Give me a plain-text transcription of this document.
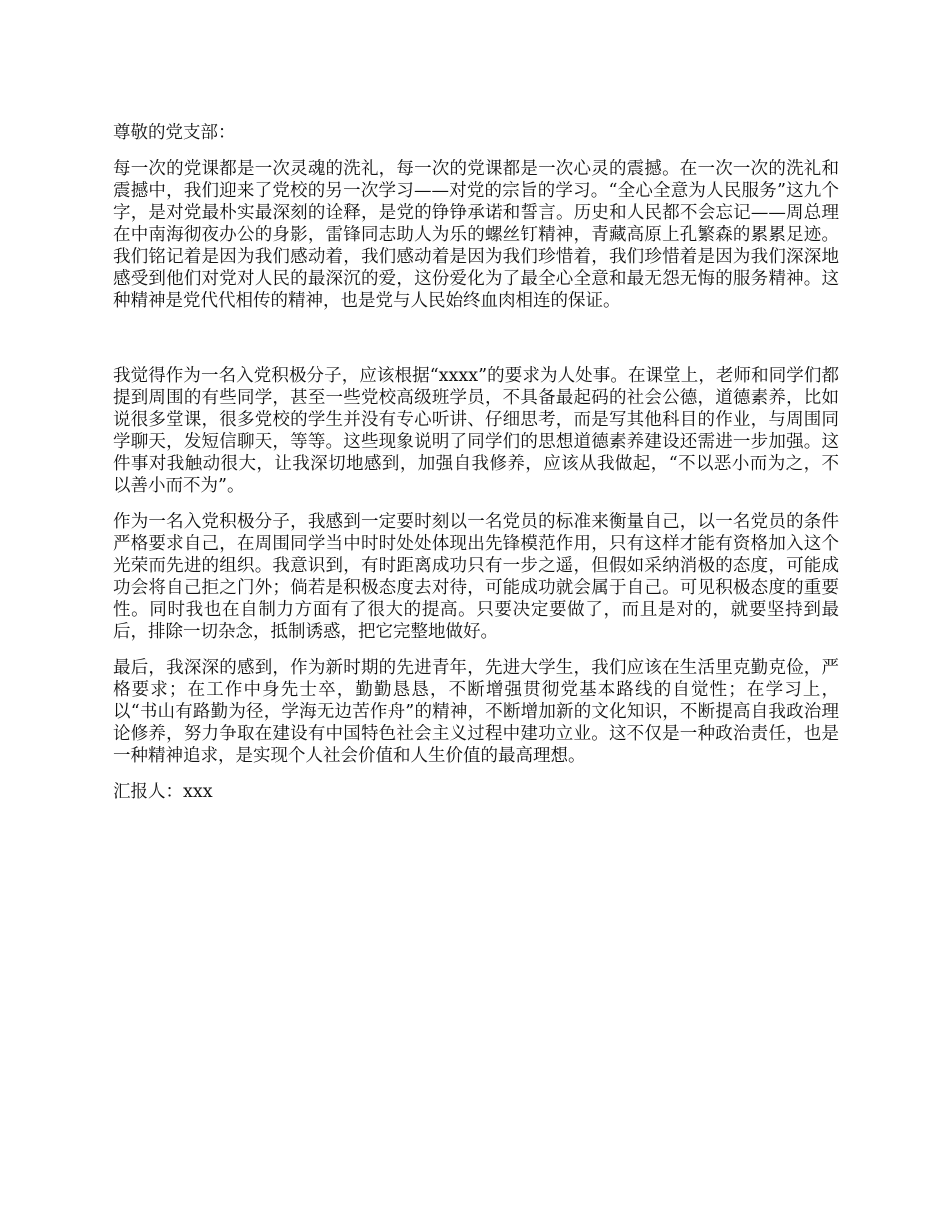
尊敬的党支部：

每一次的党课都是一次灵魂的洗礼，每一次的党课都是一次心灵的震撼。在一次一次的洗礼和震撼中，我们迎来了党校的另一次学习——对党的宗旨的学习。“全心全意为人民服务”这九个字，是对党最朴实最深刻的诠释，是党的铮铮承诺和誓言。历史和人民都不会忘记——周总理在中南海彻夜办公的身影，雷锋同志助人为乐的螺丝钉精神，青藏高原上孔繁森的累累足迹。我们铭记着是因为我们感动着，我们感动着是因为我们珍惜着，我们珍惜着是因为我们深深地感受到他们对党对人民的最深沉的爱，这份爱化为了最全心全意和最无怨无悔的服务精神。这种精神是党代代相传的精神，也是党与人民始终血肉相连的保证。

我觉得作为一名入党积极分子，应该根据“xxxx”的要求为人处事。在课堂上，老师和同学们都提到周围的有些同学，甚至一些党校高级班学员，不具备最起码的社会公德，道德素养，比如说很多堂课，很多党校的学生并没有专心听讲、仔细思考，而是写其他科目的作业，与周围同学聊天，发短信聊天，等等。这些现象说明了同学们的思想道德素养建设还需进一步加强。这件事对我触动很大，让我深切地感到，加强自我修养，应该从我做起，“不以恶小而为之，不以善小而不为”。

作为一名入党积极分子，我感到一定要时刻以一名党员的标准来衡量自己，以一名党员的条件严格要求自己，在周围同学当中时时处处体现出先锋模范作用，只有这样才能有资格加入这个光荣而先进的组织。我意识到，有时距离成功只有一步之遥，但假如采纳消极的态度，可能成功会将自己拒之门外；倘若是积极态度去对待，可能成功就会属于自己。可见积极态度的重要性。同时我也在自制力方面有了很大的提高。只要决定要做了，而且是对的，就要坚持到最后，排除一切杂念，抵制诱惑，把它完整地做好。

最后，我深深的感到，作为新时期的先进青年，先进大学生，我们应该在生活里克勤克俭，严格要求；在工作中身先士卒，勤勤恳恳，不断增强贯彻党基本路线的自觉性；在学习上，以“书山有路勤为径，学海无边苦作舟”的精神，不断增加新的文化知识，不断提高自我政治理论修养，努力争取在建设有中国特色社会主义过程中建功立业。这不仅是一种政治责任，也是一种精神追求，是实现个人社会价值和人生价值的最高理想。

汇报人：xxx
